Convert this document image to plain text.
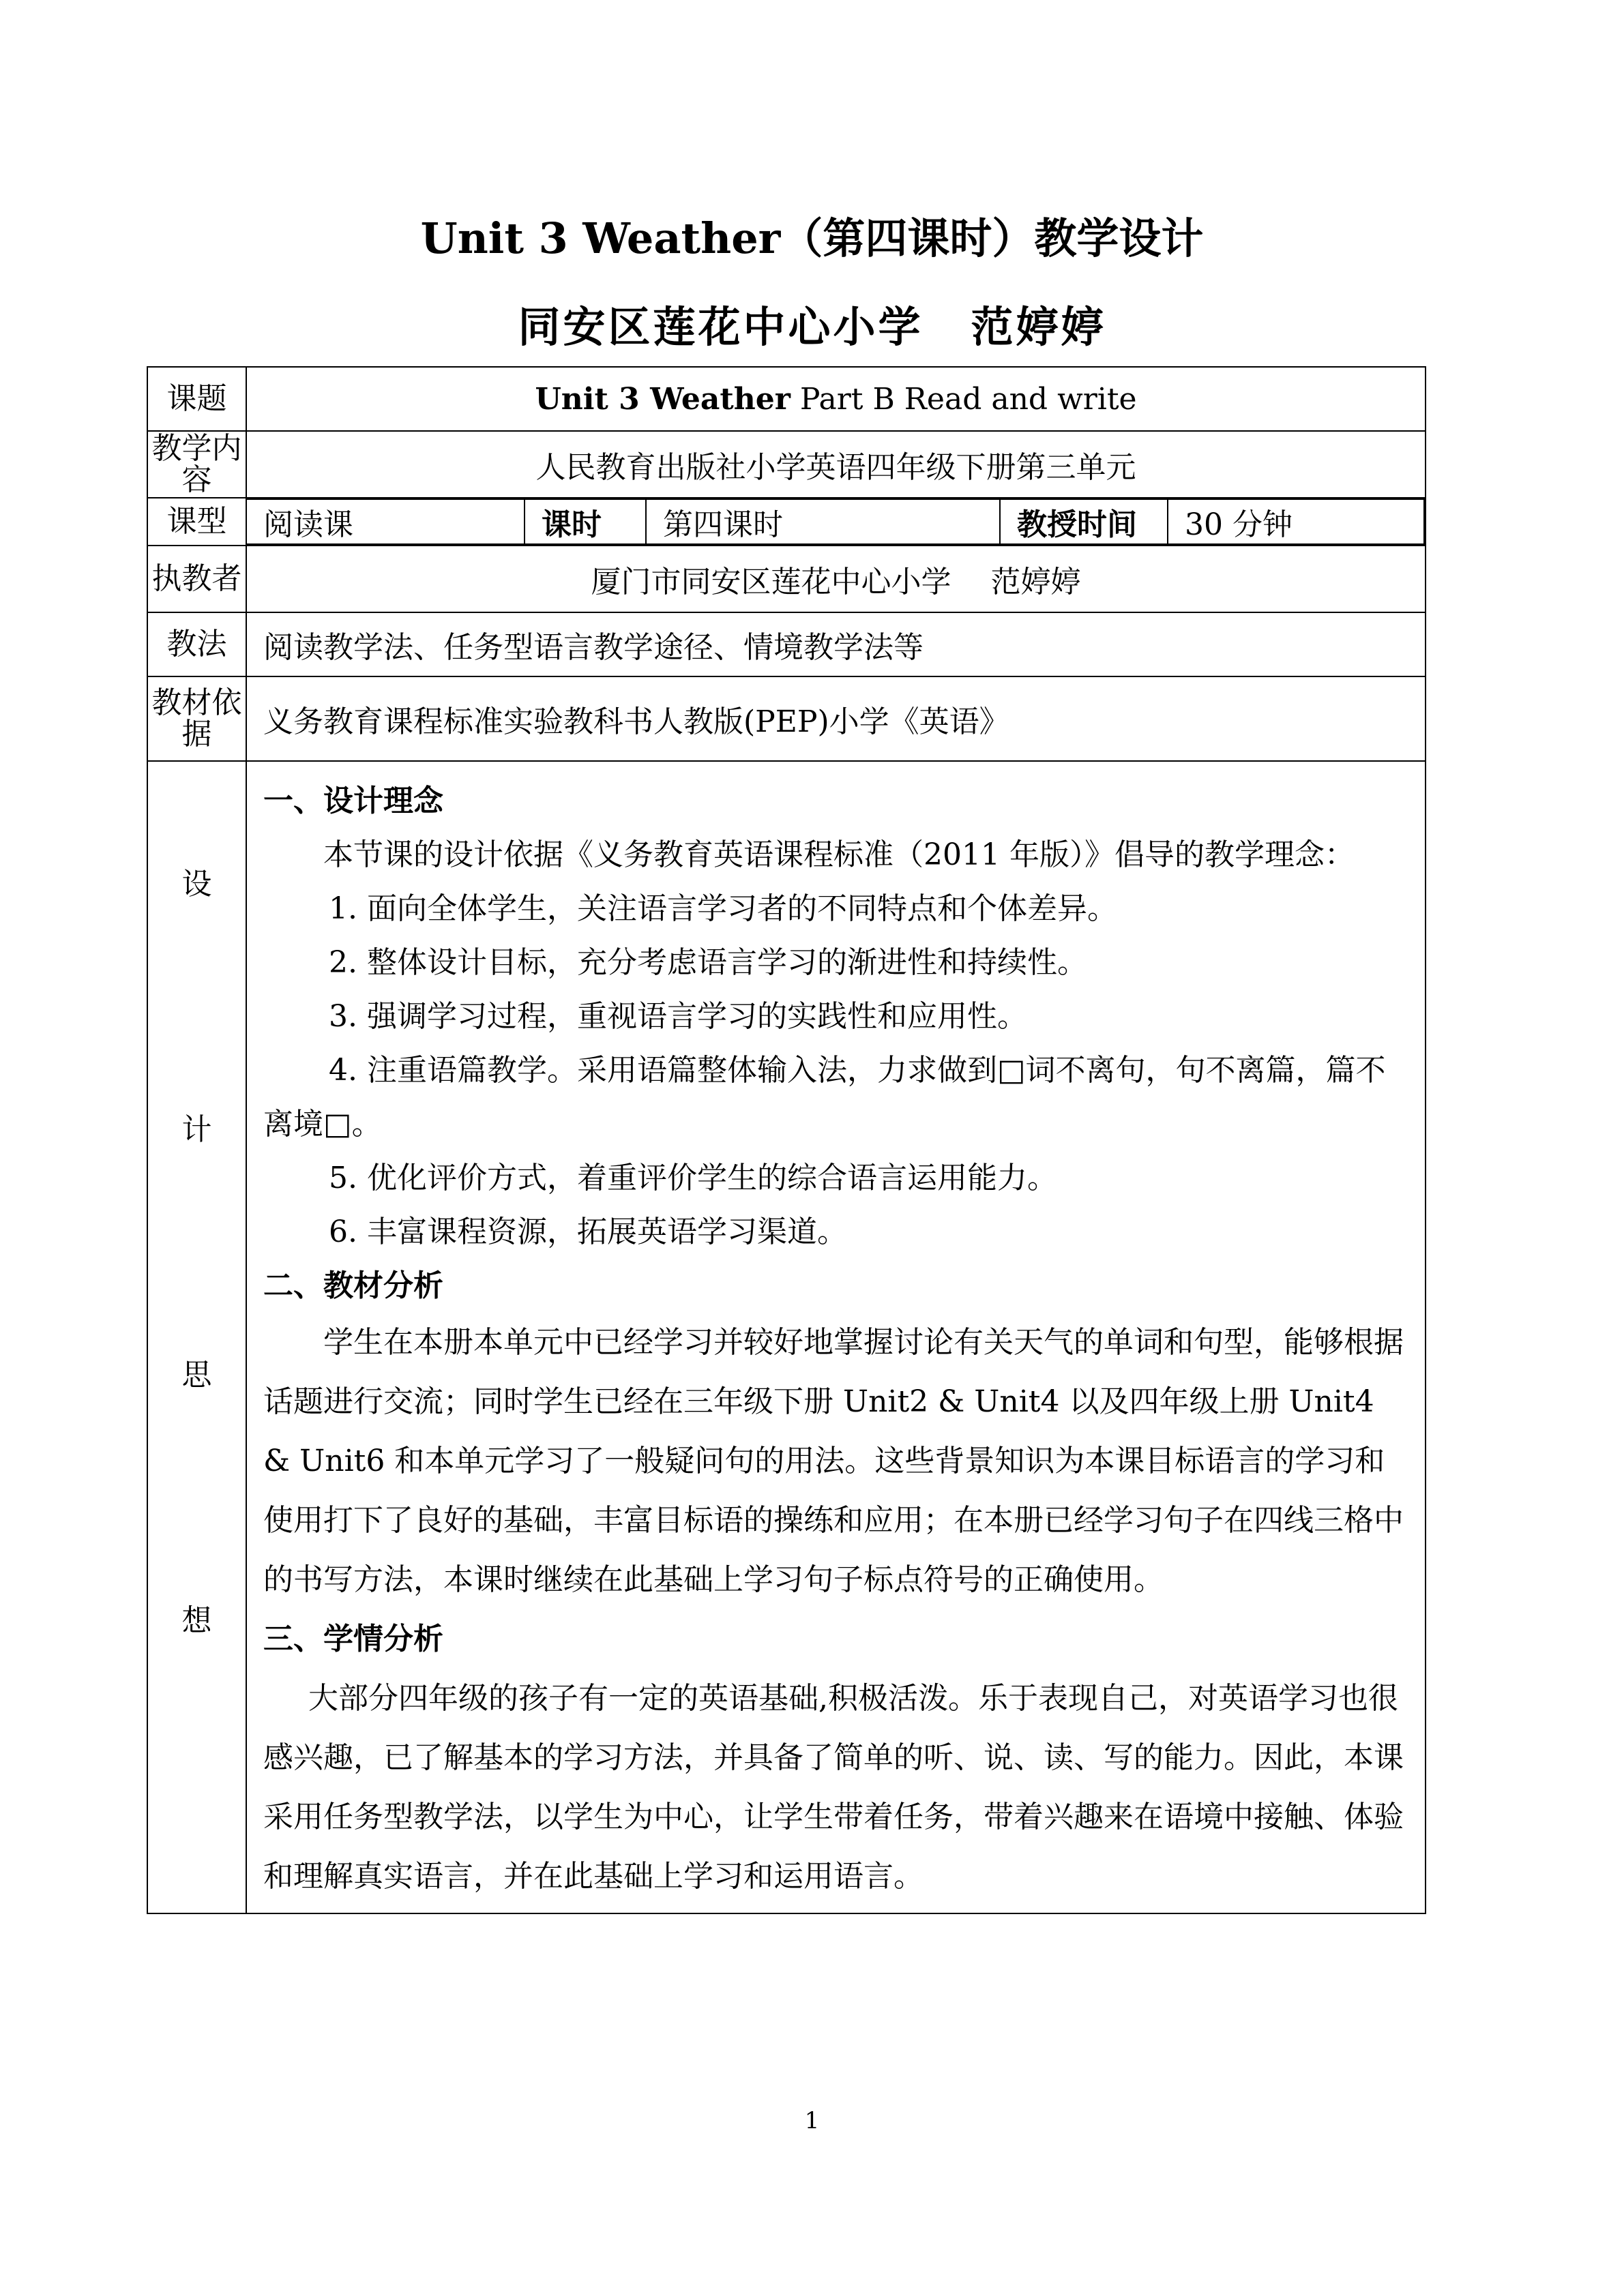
Unit 3 Weather（第四课时）教学设计
同安区莲花中心小学 范婷婷
课题	Unit 3 Weather Part B Read and write
教学内容	人民教育出版社小学英语四年级下册第三单元
课型	阅读课	课时	第四课时	教授时间	30 分钟

执教者	厦门市同安区莲花中心小学　 范婷婷
教法	阅读教学法、任务型语言教学途径、情境教学法等
教材依据	义务教育课程标准实验教科书人教版(PEP)小学《英语》

设
计
思
想

一、设计理念

本节课的设计依据《义务教育英语课程标准（2011 年版）》倡导的教学理念：

1. 面向全体学生，关注语言学习者的不同特点和个体差异。

2. 整体设计目标，充分考虑语言学习的渐进性和持续性。

3. 强调学习过程，重视语言学习的实践性和应用性。

4. 注重语篇教学。采用语篇整体输入法，力求做到□词不离句，句不离篇，篇不离境□。

5. 优化评价方式，着重评价学生的综合语言运用能力。

6. 丰富课程资源，拓展英语学习渠道。

二、教材分析

学生在本册本单元中已经学习并较好地掌握讨论有关天气的单词和句型，能够根据话题进行交流；同时学生已经在三年级下册 Unit2 & Unit4 以及四年级上册 Unit4 & Unit6 和本单元学习了一般疑问句的用法。这些背景知识为本课目标语言的学习和使用打下了良好的基础，丰富目标语的操练和应用；在本册已经学习句子在四线三格中的书写方法，本课时继续在此基础上学习句子标点符号的正确使用。

三、学情分析

大部分四年级的孩子有一定的英语基础,积极活泼。乐于表现自己，对英语学习也很感兴趣，已了解基本的学习方法，并具备了简单的听、说、读、写的能力。因此，本课采用任务型教学法，以学生为中心，让学生带着任务，带着兴趣来在语境中接触、体验和理解真实语言，并在此基础上学习和运用语言。

1
